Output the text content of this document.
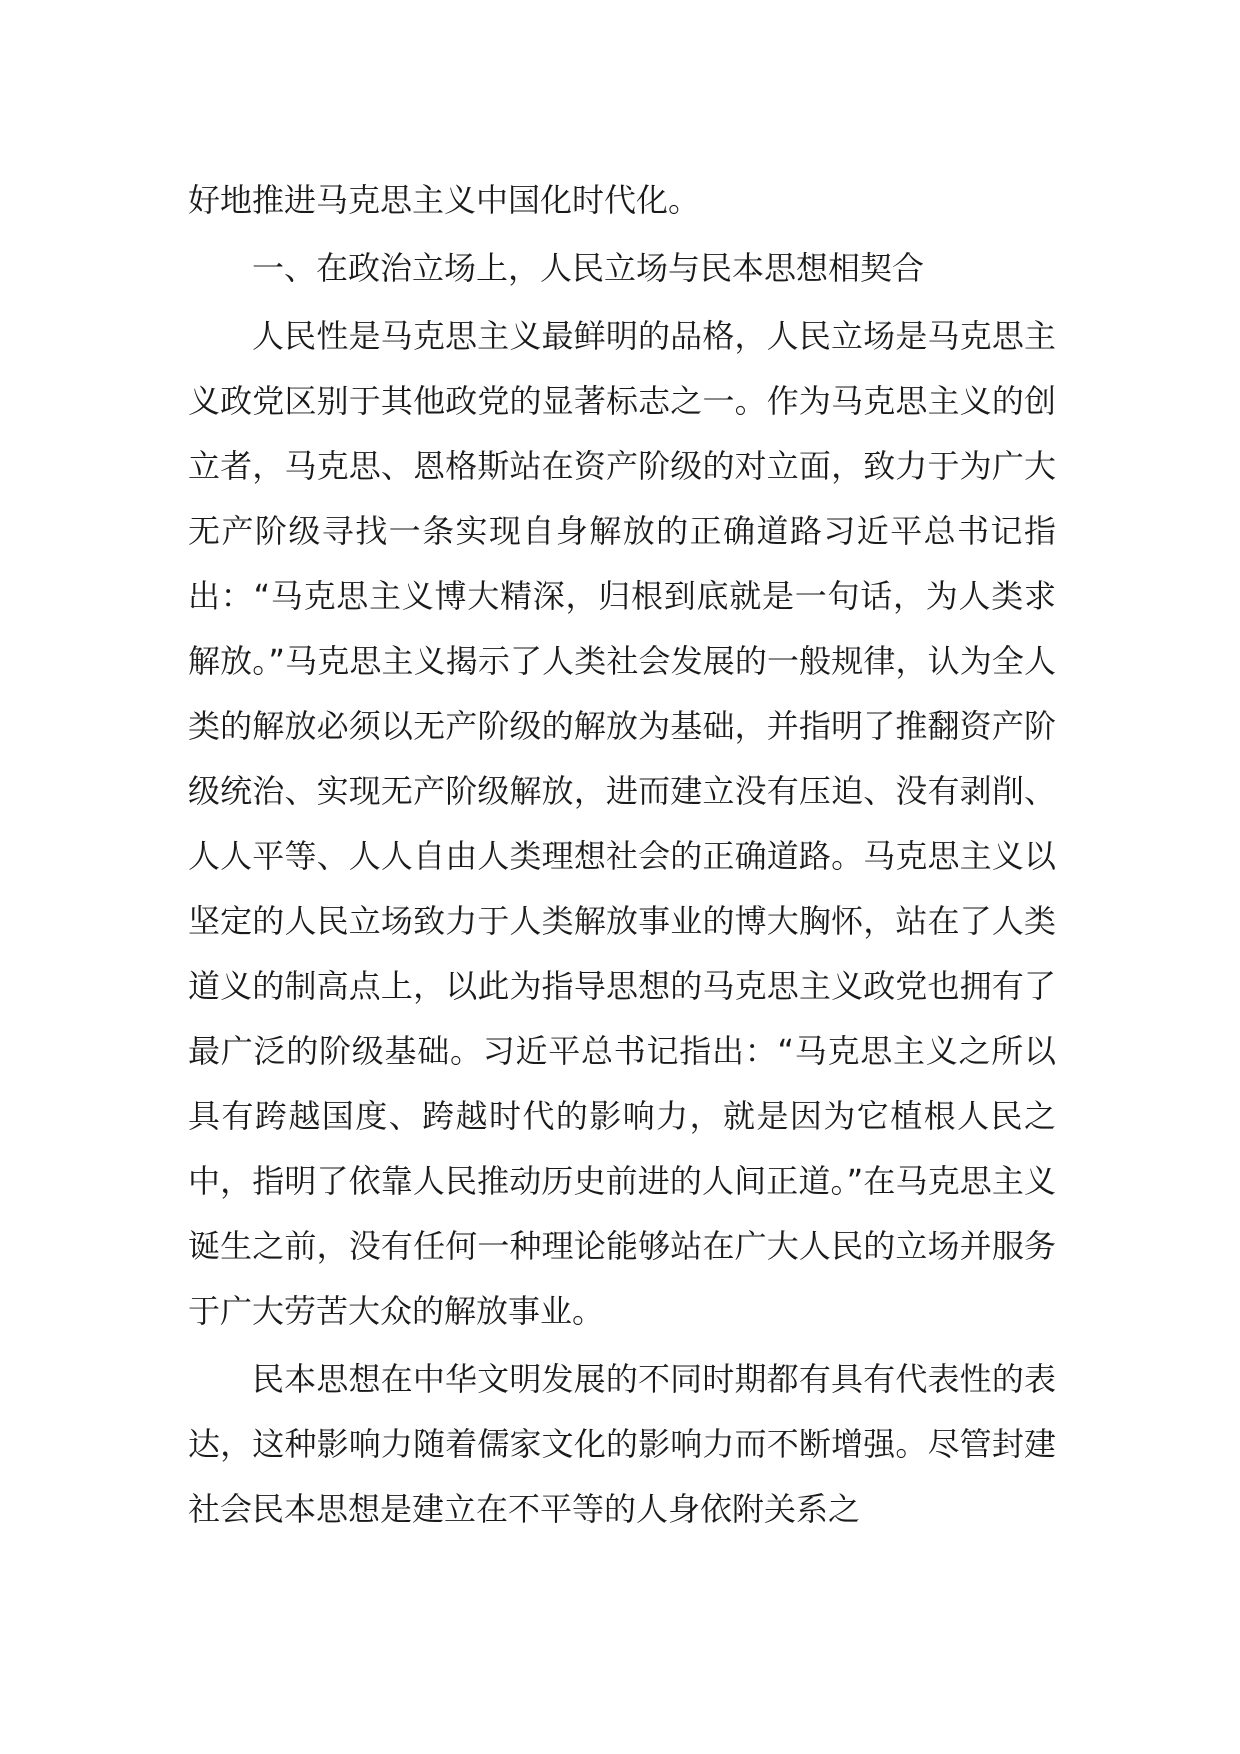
好地推进马克思主义中国化时代化。

一、在政治立场上，人民立场与民本思想相契合

人民性是马克思主义最鲜明的品格，人民立场是马克思主义政党区别于其他政党的显著标志之一。作为马克思主义的创立者，马克思、恩格斯站在资产阶级的对立面，致力于为广大无产阶级寻找一条实现自身解放的正确道路习近平总书记指出：“马克思主义博大精深，归根到底就是一句话，为人类求解放。”马克思主义揭示了人类社会发展的一般规律，认为全人类的解放必须以无产阶级的解放为基础，并指明了推翻资产阶级统治、实现无产阶级解放，进而建立没有压迫、没有剥削、人人平等、人人自由人类理想社会的正确道路。马克思主义以坚定的人民立场致力于人类解放事业的博大胸怀，站在了人类道义的制高点上，以此为指导思想的马克思主义政党也拥有了最广泛的阶级基础。习近平总书记指出：“马克思主义之所以具有跨越国度、跨越时代的影响力，就是因为它植根人民之中，指明了依靠人民推动历史前进的人间正道。”在马克思主义诞生之前，没有任何一种理论能够站在广大人民的立场并服务于广大劳苦大众的解放事业。

民本思想在中华文明发展的不同时期都有具有代表性的表达，这种影响力随着儒家文化的影响力而不断增强。尽管封建社会民本思想是建立在不平等的人身依附关系之
